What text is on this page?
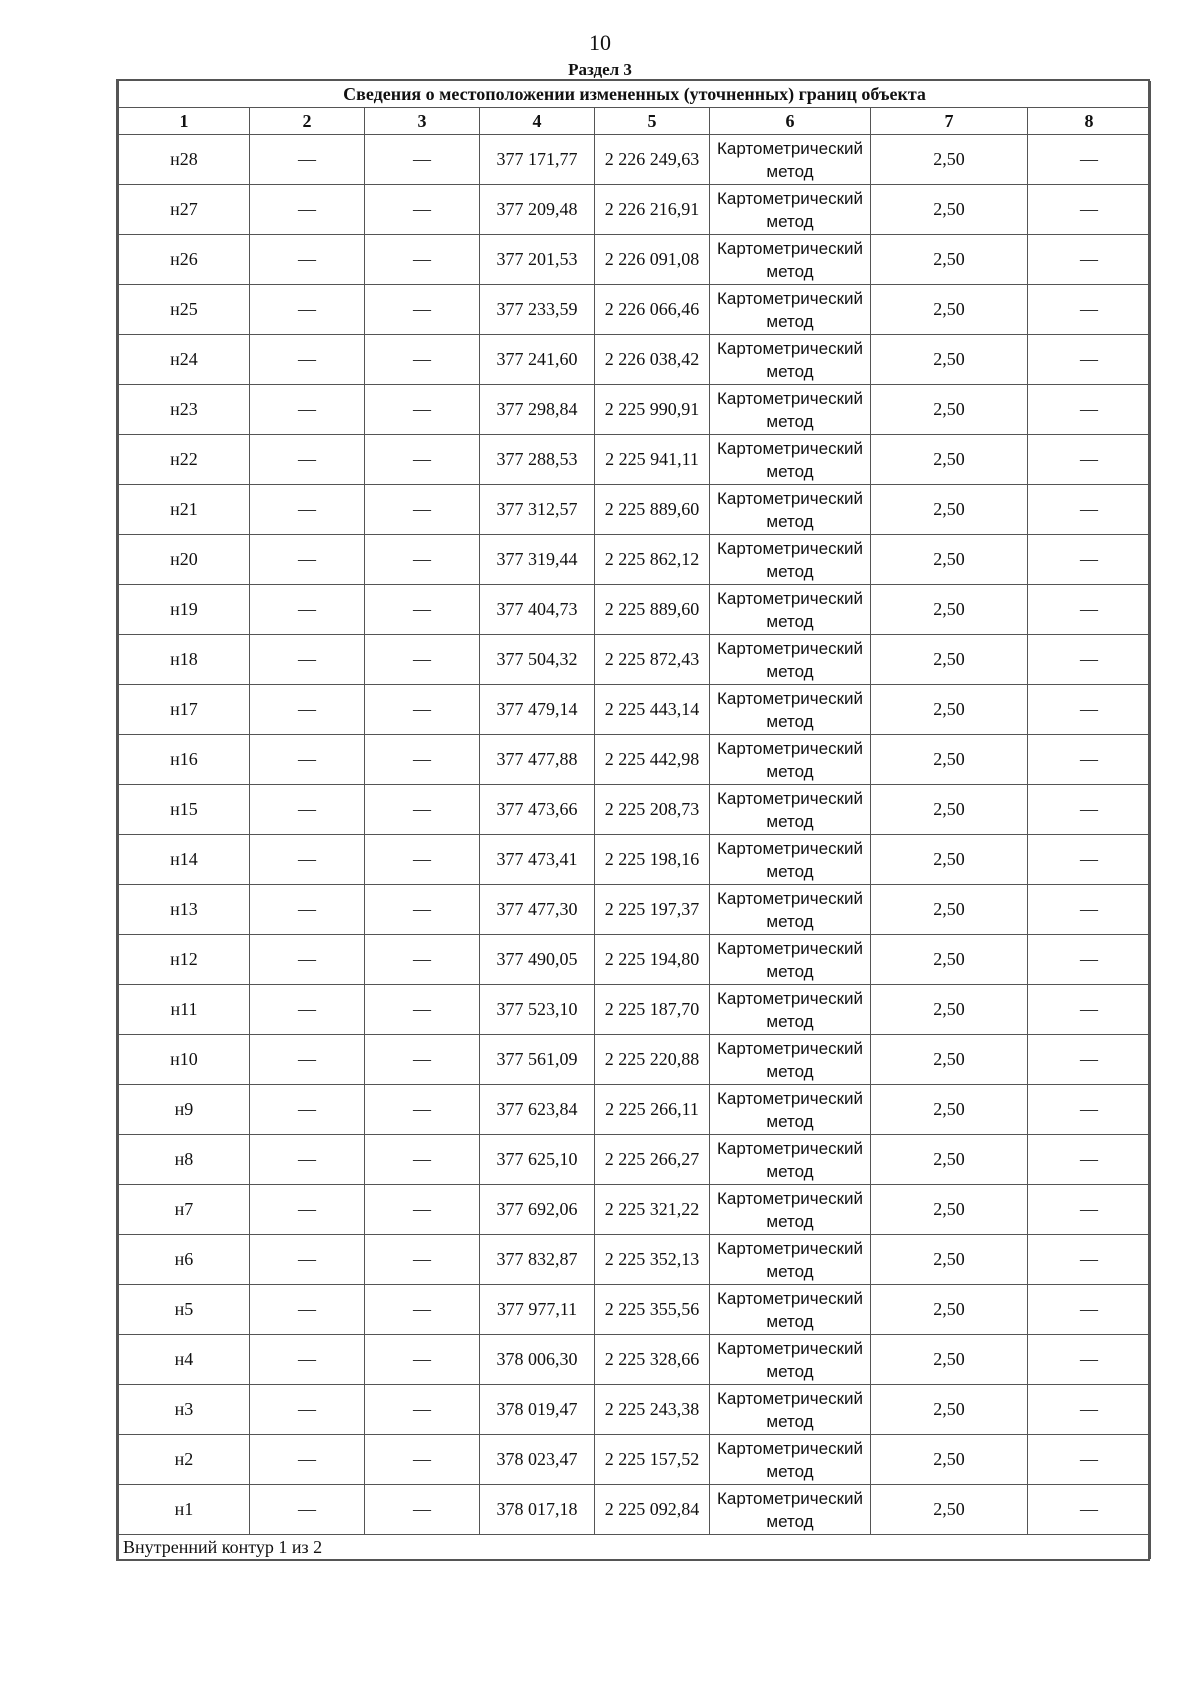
10
Раздел 3
Сведения о местоположении измененных (уточненных) границ объекта							
1	2	3	4	5	6	7	8
н28	—	—	377 171,77	2 226 249,63	Картометрический метод	2,50	—
н27	—	—	377 209,48	2 226 216,91	Картометрический метод	2,50	—
н26	—	—	377 201,53	2 226 091,08	Картометрический метод	2,50	—
н25	—	—	377 233,59	2 226 066,46	Картометрический метод	2,50	—
н24	—	—	377 241,60	2 226 038,42	Картометрический метод	2,50	—
н23	—	—	377 298,84	2 225 990,91	Картометрический метод	2,50	—
н22	—	—	377 288,53	2 225 941,11	Картометрический метод	2,50	—
н21	—	—	377 312,57	2 225 889,60	Картометрический метод	2,50	—
н20	—	—	377 319,44	2 225 862,12	Картометрический метод	2,50	—
н19	—	—	377 404,73	2 225 889,60	Картометрический метод	2,50	—
н18	—	—	377 504,32	2 225 872,43	Картометрический метод	2,50	—
н17	—	—	377 479,14	2 225 443,14	Картометрический метод	2,50	—
н16	—	—	377 477,88	2 225 442,98	Картометрический метод	2,50	—
н15	—	—	377 473,66	2 225 208,73	Картометрический метод	2,50	—
н14	—	—	377 473,41	2 225 198,16	Картометрический метод	2,50	—
н13	—	—	377 477,30	2 225 197,37	Картометрический метод	2,50	—
н12	—	—	377 490,05	2 225 194,80	Картометрический метод	2,50	—
н11	—	—	377 523,10	2 225 187,70	Картометрический метод	2,50	—
н10	—	—	377 561,09	2 225 220,88	Картометрический метод	2,50	—
н9	—	—	377 623,84	2 225 266,11	Картометрический метод	2,50	—
н8	—	—	377 625,10	2 225 266,27	Картометрический метод	2,50	—
н7	—	—	377 692,06	2 225 321,22	Картометрический метод	2,50	—
н6	—	—	377 832,87	2 225 352,13	Картометрический метод	2,50	—
н5	—	—	377 977,11	2 225 355,56	Картометрический метод	2,50	—
н4	—	—	378 006,30	2 225 328,66	Картометрический метод	2,50	—
н3	—	—	378 019,47	2 225 243,38	Картометрический метод	2,50	—
н2	—	—	378 023,47	2 225 157,52	Картометрический метод	2,50	—
н1	—	—	378 017,18	2 225 092,84	Картометрический метод	2,50	—
Внутренний контур 1 из 2							
